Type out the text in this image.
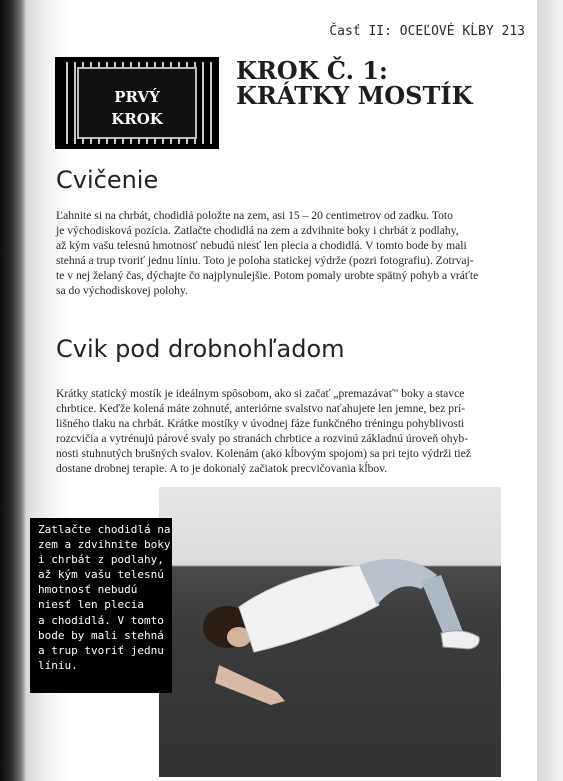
Časť II: OCEĽOVÉ KĹBY 213
PRVÝ
KROK
KROK Č. 1:
KRÁTKY MOSTÍK
Cvičenie

Ľahnite si na chrbát, chodidlá položte na zem, asi 15 – 20 centimetrov od zadku. Toto
je východisková pozícia. Zatlačte chodidlá na zem a zdvihnite boky i chrbát z podlahy,
až kým vašu telesnú hmotnosť nebudú niesť len plecia a chodidlá. V tomto bode by mali
stehná a trup tvoriť jednu líniu. Toto je poloha statickej výdrže (pozri fotografiu). Zotrvaj-
te v nej želaný čas, dýchajte čo najplynulejšie. Potom pomaly urobte spätný pohyb a vráťte
sa do východiskovej polohy.

Cvik pod drobnohľadom

Krátky statický mostík je ideálnym spôsobom, ako si začať „premazávať" boky a stavce
chrbtice. Keďže kolená máte zohnuté, anteriórne svalstvo naťahujete len jemne, bez prí-
lišného tlaku na chrbát. Krátke mostíky v úvodnej fáze funkčného tréningu pohyblivosti
rozcvičia a vytrénujú párové svaly po stranách chrbtice a rozvinú základnú úroveň ohyb-
nosti stuhnutých brušných svalov. Kolenám (ako kĺbovým spojom) sa pri tejto výdrži tiež
dostane drobnej terapie. A to je dokonalý začiatok precvičovania kĺbov.

Zatlačte chodidlá na
zem a zdvihnite boky
i chrbát z podlahy,
až kým vašu telesnú
hmotnosť nebudú
niesť len plecia
a chodidlá. V tomto
bode by mali stehná
a trup tvoriť jednu
líniu.
